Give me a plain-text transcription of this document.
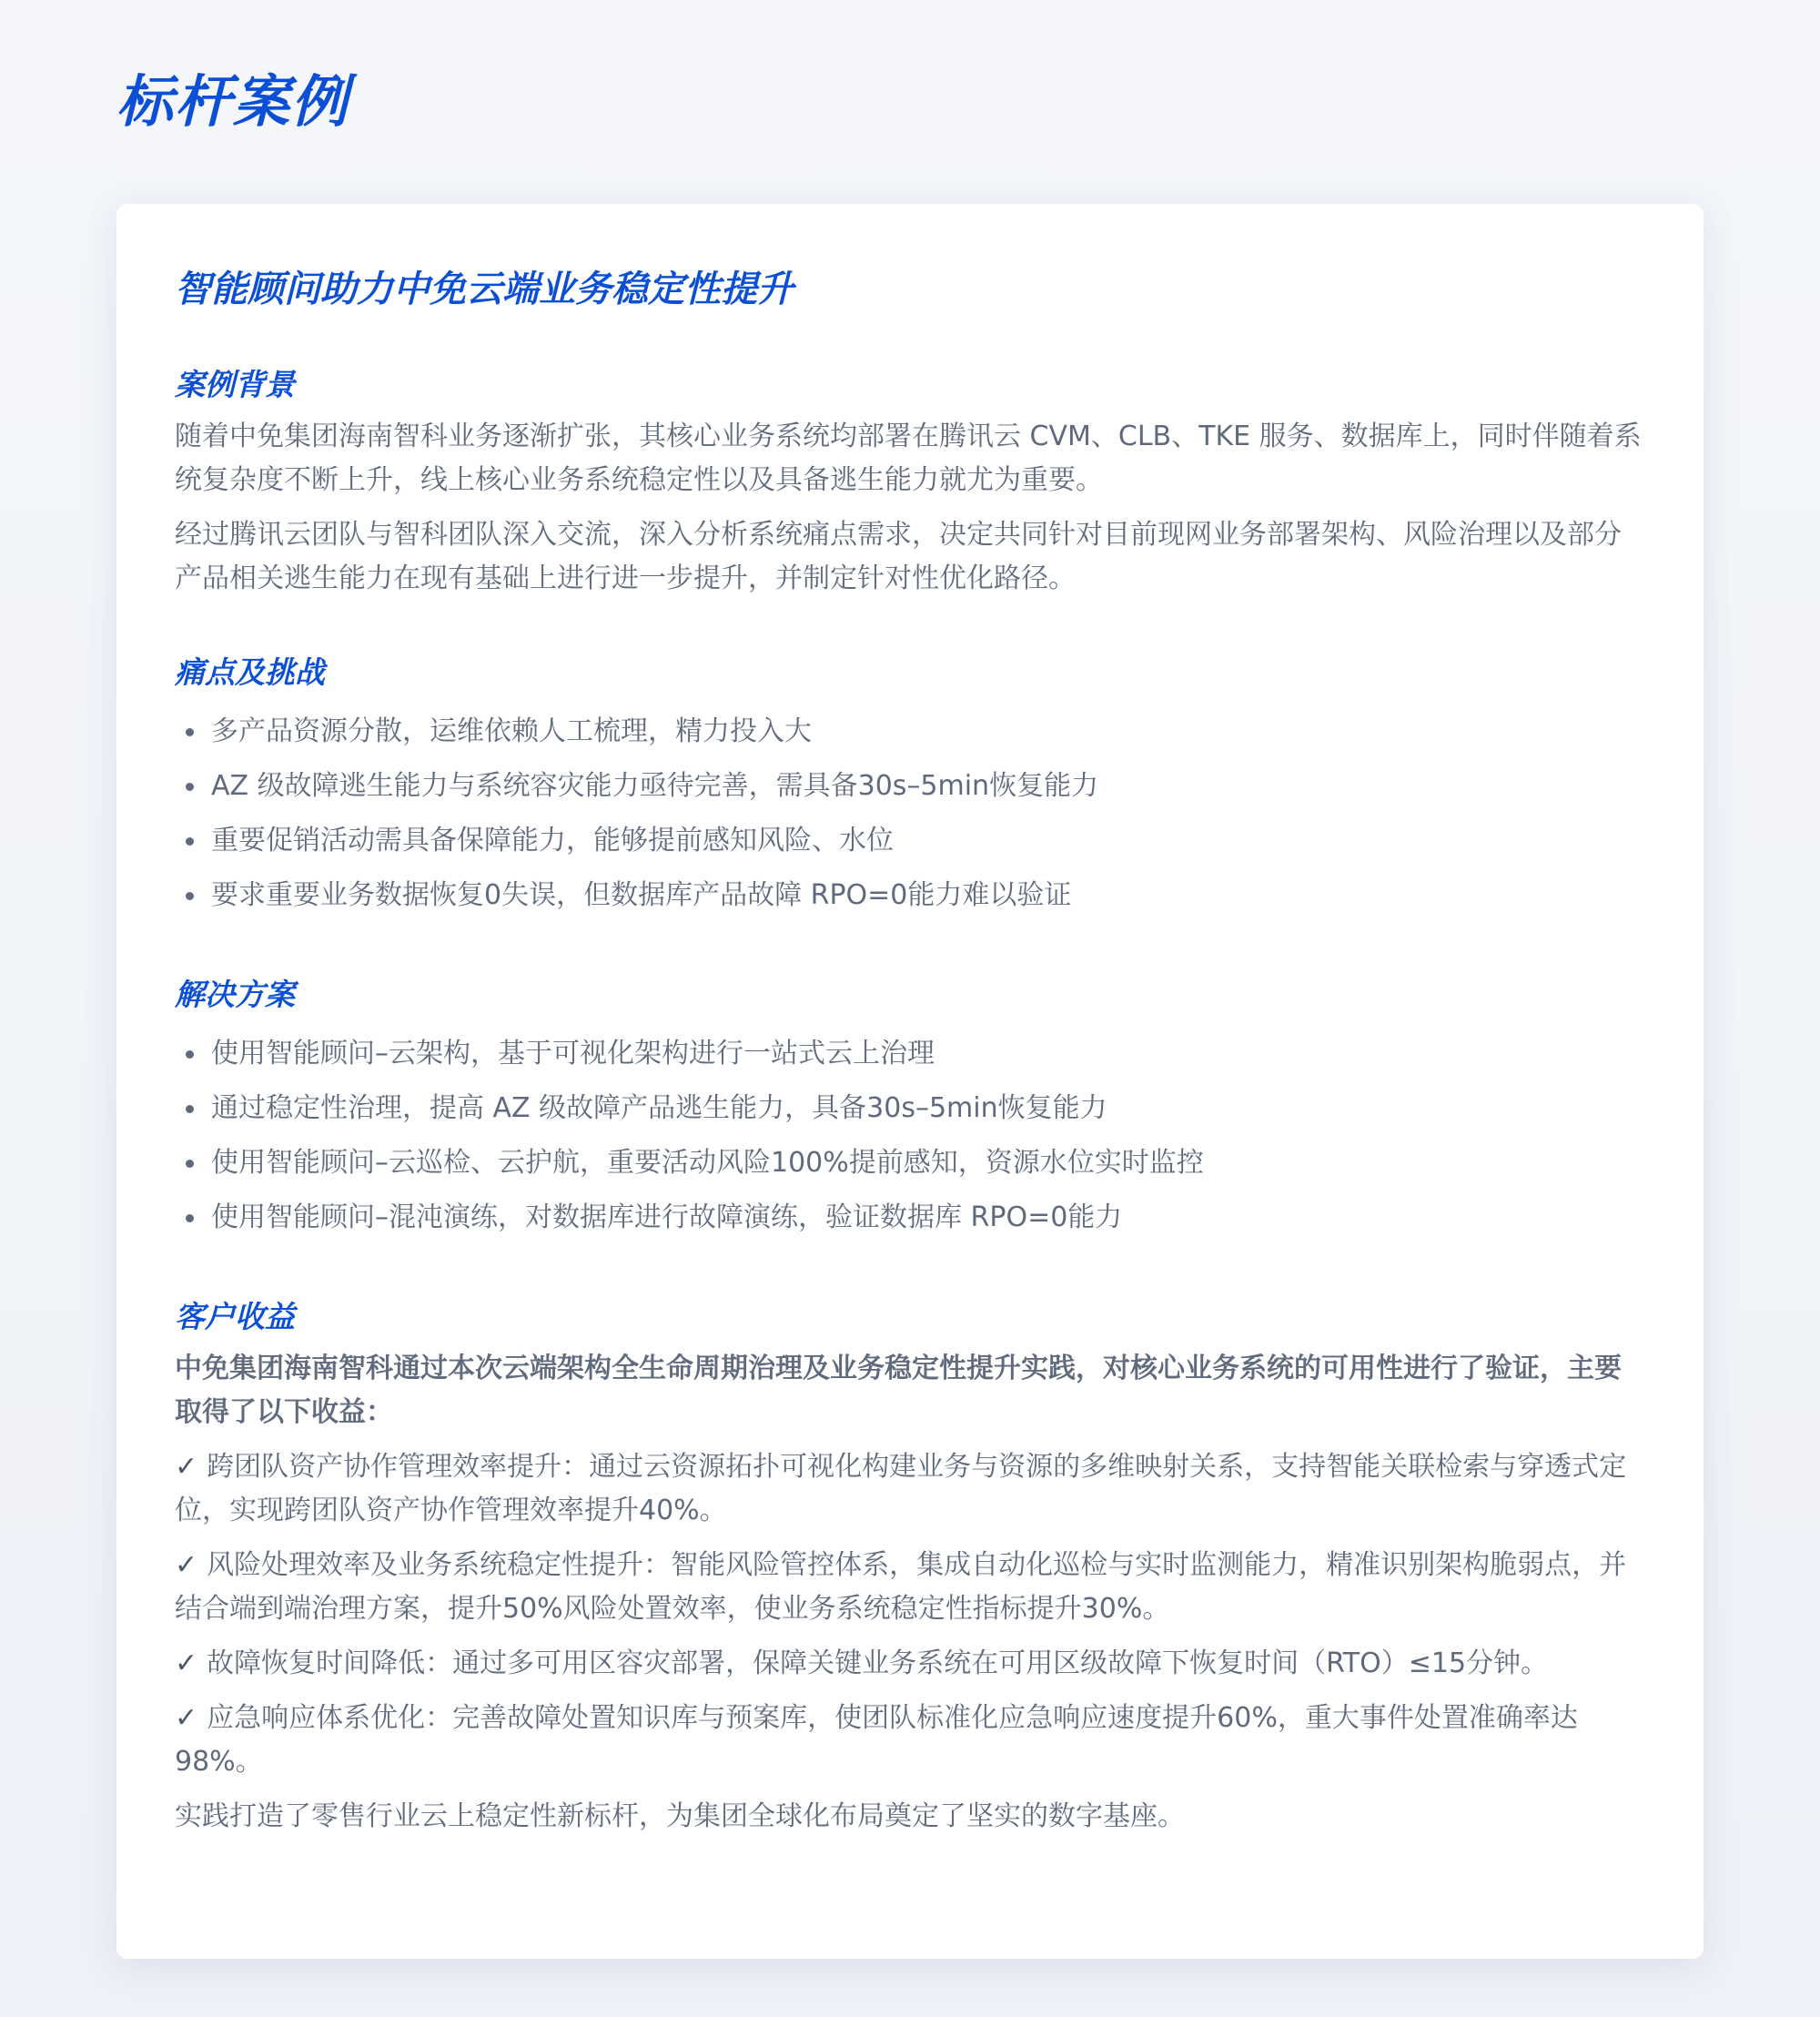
标杆案例
智能顾问助力中免云端业务稳定性提升
案例背景

随着中免集团海南智科业务逐渐扩张，其核心业务系统均部署在腾讯云 CVM、CLB、TKE 服务、数据库上，同时伴随着系统复杂度不断上升，线上核心业务系统稳定性以及具备逃生能力就尤为重要。

经过腾讯云团队与智科团队深入交流，深入分析系统痛点需求，决定共同针对目前现网业务部署架构、风险治理以及部分产品相关逃生能力在现有基础上进行进一步提升，并制定针对性优化路径。

痛点及挑战
多产品资源分散，运维依赖人工梳理，精力投入大
AZ 级故障逃生能力与系统容灾能力亟待完善，需具备30s–5min恢复能力
重要促销活动需具备保障能力，能够提前感知风险、水位
要求重要业务数据恢复0失误，但数据库产品故障 RPO=0能力难以验证
解决方案
使用智能顾问–云架构，基于可视化架构进行一站式云上治理
通过稳定性治理，提高 AZ 级故障产品逃生能力，具备30s–5min恢复能力
使用智能顾问–云巡检、云护航，重要活动风险100%提前感知，资源水位实时监控
使用智能顾问–混沌演练，对数据库进行故障演练，验证数据库 RPO=0能力
客户收益

中免集团海南智科通过本次云端架构全生命周期治理及业务稳定性提升实践，对核心业务系统的可用性进行了验证，主要取得了以下收益：

✓ 跨团队资产协作管理效率提升：通过云资源拓扑可视化构建业务与资源的多维映射关系，支持智能关联检索与穿透式定位，实现跨团队资产协作管理效率提升40%。

✓ 风险处理效率及业务系统稳定性提升：智能风险管控体系，集成自动化巡检与实时监测能力，精准识别架构脆弱点，并结合端到端治理方案，提升50%风险处置效率，使业务系统稳定性指标提升30%。

✓ 故障恢复时间降低：通过多可用区容灾部署，保障关键业务系统在可用区级故障下恢复时间（RTO）≤15分钟。

✓ 应急响应体系优化：完善故障处置知识库与预案库，使团队标准化应急响应速度提升60%，重大事件处置准确率达98%。

实践打造了零售行业云上稳定性新标杆，为集团全球化布局奠定了坚实的数字基座。
